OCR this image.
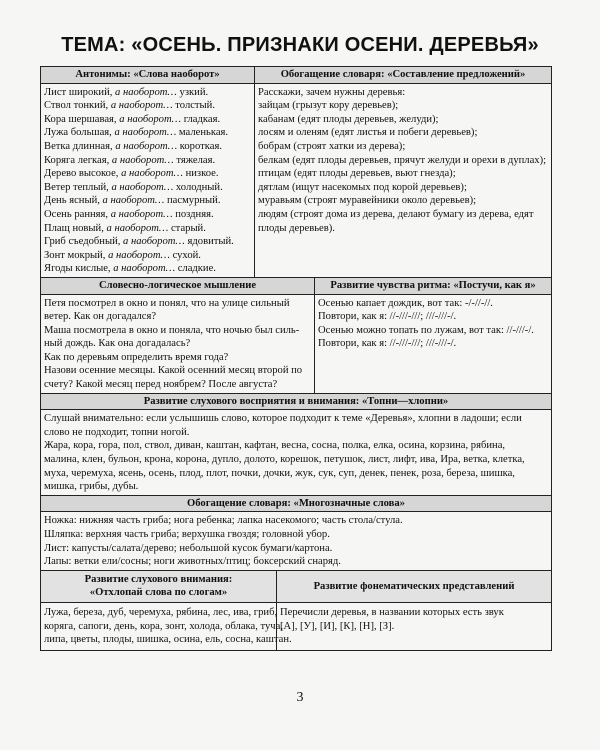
ТЕМА: «ОСЕНЬ. ПРИЗНАКИ ОСЕНИ. ДЕРЕВЬЯ»
Антонимы: «Слова наоборот»	Обогащение словаря: «Составление предложений»
Лист широкий, а наоборот… узкий.
Ствол тонкий, а наоборот… толстый.
Кора шершавая, а наоборот… гладкая.
Лужа большая, а наоборот… маленькая.
Ветка длинная, а наоборот… короткая.
Коряга легкая, а наоборот… тяжелая.
Дерево высокое, а наоборот… низкое.
Ветер теплый, а наоборот… холодный.
День ясный, а наоборот… пасмурный.
Осень ранняя, а наоборот… поздняя.
Плащ новый, а наоборот… старый.
Гриб съедобный, а наоборот… ядовитый.
Зонт мокрый, а наоборот… сухой.
Ягоды кислые, а наоборот… сладкие.
Расскажи, зачем нужны деревья:
зайцам (грызут кору деревьев);
кабанам (едят плоды деревьев, желуди);
лосям и оленям (едят листья и побеги деревьев);
бобрам (строят хатки из дерева);
белкам (едят плоды деревьев, прячут желуди и орехи в дуплах);
птицам (едят плоды деревьев, вьют гнезда);
дятлам (ищут насекомых под корой деревьев);
муравьям (строят муравейники около деревьев);
людям (строят дома из дерева, делают бумагу из дерева, едят
плоды деревьев).
Словесно-логическое мышление	Развитие чувства ритма: «Постучи, как я»
Петя посмотрел в окно и понял, что на улице сильный
ветер. Как он догадался?
Маша посмотрела в окно и поняла, что ночью был силь-
ный дождь. Как она догадалась?
Как по деревьям определить время года?
Назови осенние месяцы. Какой осенний месяц второй по
счету? Какой месяц перед ноябрем? После августа?
Осенью капает дождик, вот так: -/-//-//.
Повтори, как я: //-///-///; ///-///-/.
Осенью можно топать по лужам, вот так: //-///-/.
Повтори, как я: //-///-///; ///-///-/.
Развитие слухового восприятия и внимания: «Топни—хлопни»
Слушай внимательно: если услышишь слово, которое подходит к теме «Деревья», хлопни в ладоши; если
слово не подходит, топни ногой.
Жара, кора, гора, пол, ствол, диван, каштан, кафтан, весна, сосна, полка, елка, осина, корзина, рябина,
малина, клен, бульон, крона, корона, дупло, долото, корешок, петушок, лист, лифт, ива, Ира, ветка, клетка,
муха, черемуха, ясень, осень, плод, плот, почки, дочки, жук, сук, суп, денек, пенек, роза, береза, шишка,
мишка, грибы, дубы.
Обогащение словаря: «Многозначные слова»
Ножка: нижняя часть гриба; нога ребенка; лапка насекомого; часть стола/стула.
Шляпка: верхняя часть гриба; верхушка гвоздя; головной убор.
Лист: капусты/салата/дерево; небольшой кусок бумаги/картона.
Лапы: ветки ели/сосны; ноги животных/птиц; боксерский снаряд.
Развитие слухового внимания:
«Отхлопай слова по слогам»
Развитие фонематических представлений
Лужа, береза, дуб, черемуха, рябина, лес, ива, гриб,
коряга, сапоги, день, кора, зонт, холода, облака, туча,
липа, цветы, плоды, шишка, осина, ель, сосна, каштан.
Перечисли деревья, в названии которых есть звук
[А], [У], [И], [К], [Н], [З].
3
